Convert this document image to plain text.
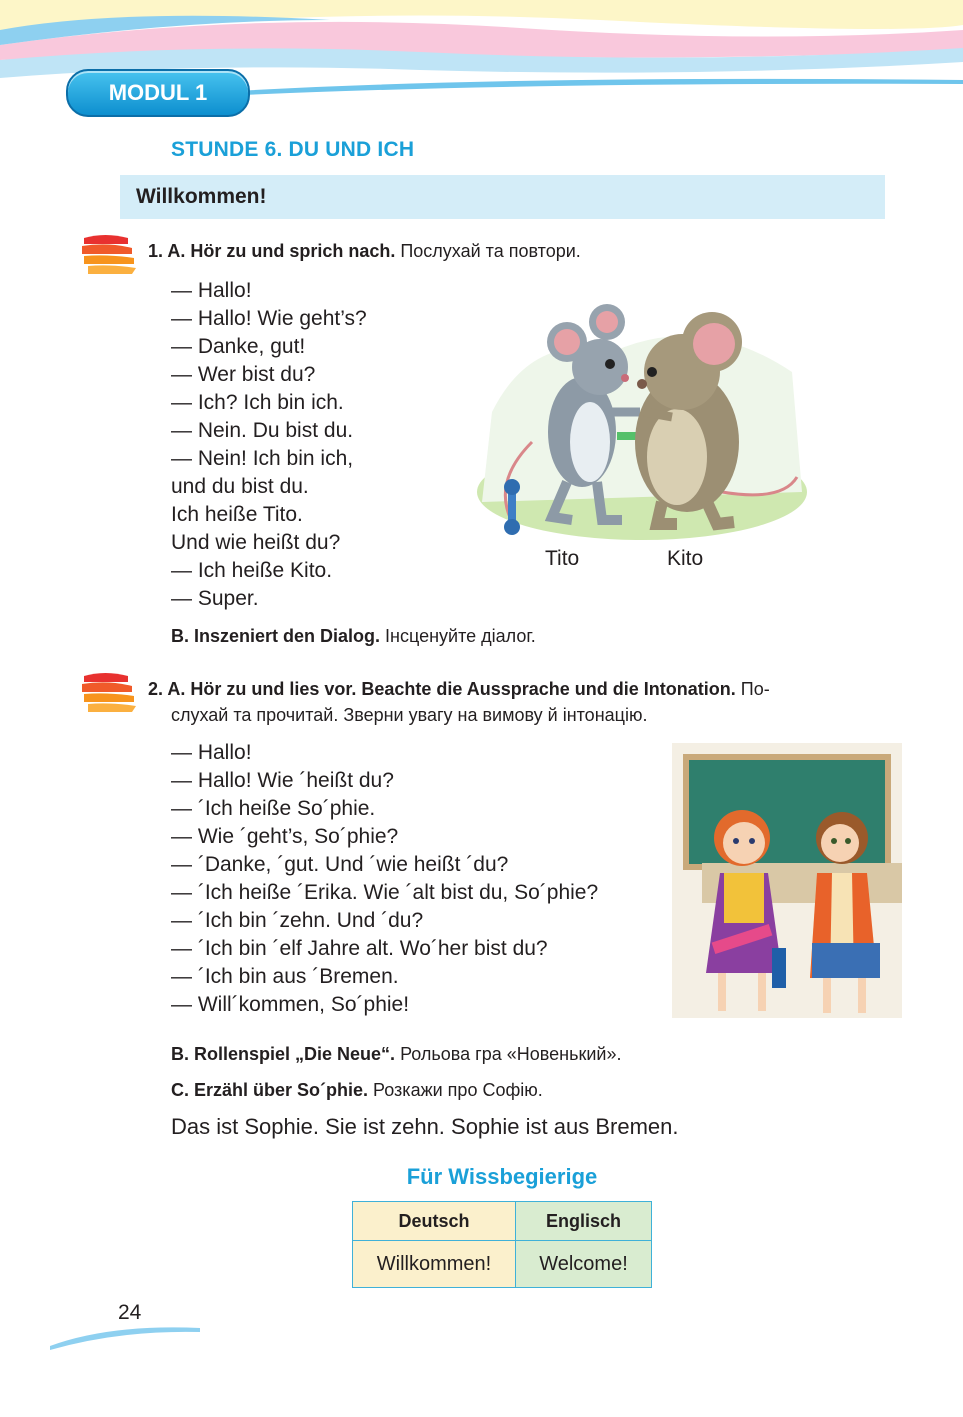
MODUL 1
STUNDE 6. DU UND ICH
Willkommen!
1. A. Hör zu und sprich nach. Послухай та повтори.
— Hallo!
— Hallo! Wie geht’s?
— Danke, gut!
— Wer bist du?
— Ich? Ich bin ich.
— Nein. Du bist du.
— Nein! Ich bin ich,
und du bist du.
Ich heiße Tito.
Und wie heißt du?
— Ich heiße Kito.
— Super.
Tito	Kito
B. Inszeniert den Dialog. Інсценуйте діалог.
2. A. Hör zu und lies vor. Beachte die Aussprache und die Intonation. По-
слухай та прочитай. Зверни увагу на вимову й інтонацію.
— Hallo!
— Hallo! Wie ´heißt du?
— ´Ich heiße So´phie.
— Wie ´geht’s, So´phie?
— ´Danke, ´gut. Und ´wie heißt ´du?
— ´Ich heiße ´Erika. Wie ´alt bist du, So´phie?
— ´Ich bin ´zehn. Und ´du?
— ´Ich bin ´elf Jahre alt. Wo´her bist du?
— ´Ich bin aus ´Bremen.
— Will´kommen, So´phie!
B. Rollenspiel „Die Neue“. Рольова гра «Новенький».
C. Erzähl über So´phie. Розкажи про Софію.
Das ist Sophie. Sie ist zehn. Sophie ist aus Bremen.
Für Wissbegierige
Deutsch	Englisch
Willkommen!	Welcome!
24
